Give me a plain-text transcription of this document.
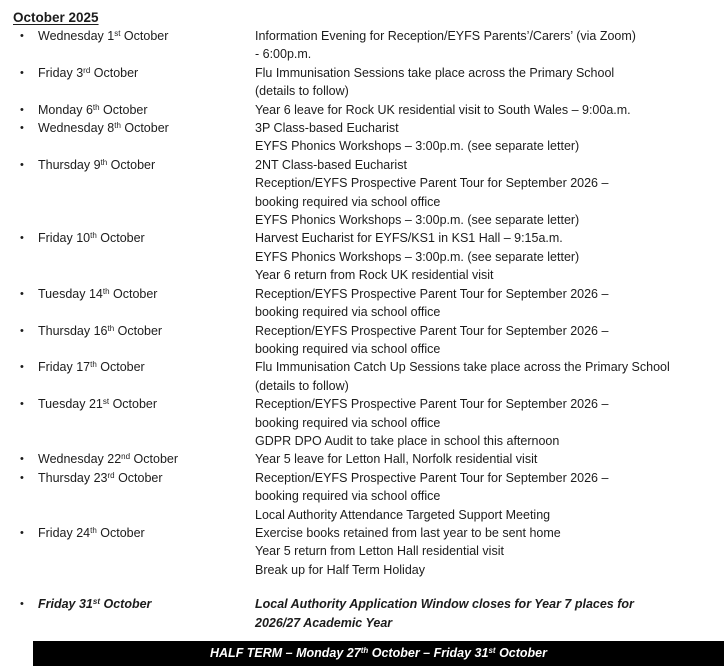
October 2025
•	Wednesday 1st October	Information Evening for Reception/EYFS Parents’/Carers’ (via Zoom)
- 6:00p.m.
•	Friday 3rd October	Flu Immunisation Sessions take place across the Primary School
(details to follow)
•	Monday 6th October	Year 6 leave for Rock UK residential visit to South Wales – 9:00a.m.
•	Wednesday 8th October	3P Class-based Eucharist
EYFS Phonics Workshops – 3:00p.m. (see separate letter)
•	Thursday 9th October	2NT Class-based Eucharist
Reception/EYFS Prospective Parent Tour for September 2026 –
booking required via school office
EYFS Phonics Workshops – 3:00p.m. (see separate letter)
•	Friday 10th October	Harvest Eucharist for EYFS/KS1 in KS1 Hall – 9:15a.m.
EYFS Phonics Workshops – 3:00p.m. (see separate letter)
Year 6 return from Rock UK residential visit
•	Tuesday 14th October	Reception/EYFS Prospective Parent Tour for September 2026 –
booking required via school office
•	Thursday 16th October	Reception/EYFS Prospective Parent Tour for September 2026 –
booking required via school office
•	Friday 17th October	Flu Immunisation Catch Up Sessions take place across the Primary School
(details to follow)
•	Tuesday 21st October	Reception/EYFS Prospective Parent Tour for September 2026 –
booking required via school office
GDPR DPO Audit to take place in school this afternoon
•	Wednesday 22nd October	Year 5 leave for Letton Hall, Norfolk residential visit
•	Thursday 23rd October	Reception/EYFS Prospective Parent Tour for September 2026 –
booking required via school office
Local Authority Attendance Targeted Support Meeting
•	Friday 24th October	Exercise books retained from last year to be sent home
Year 5 return from Letton Hall residential visit
Break up for Half Term Holiday
•	Friday 31st October	Local Authority Application Window closes for Year 7 places for
2026/27 Academic Year
HALF TERM – Monday 27th October – Friday 31st October
